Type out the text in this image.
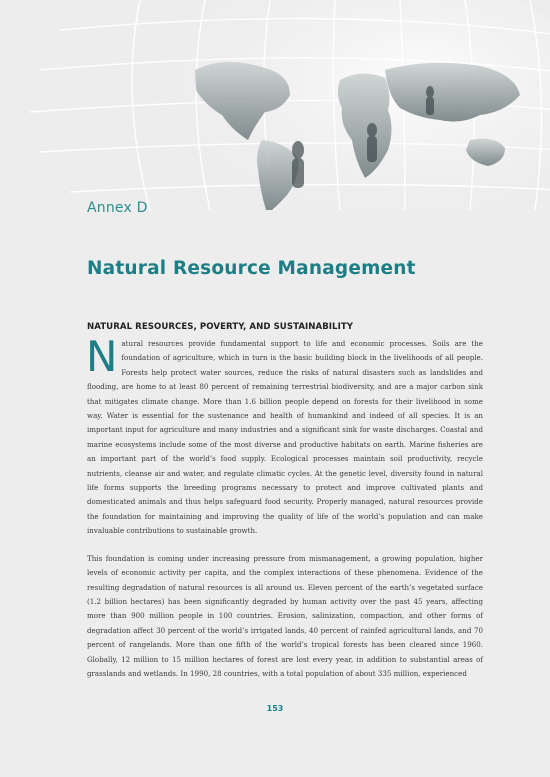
Annex D
Natural Resource Management
NATURAL RESOURCES, POVERTY, AND SUSTAINABILITY

Natural resources provide fundamental support to life and economic processes. Soils are the foundation of agriculture, which in turn is the basic building block in the livelihoods of all people. Forests help protect water sources, reduce the risks of natural disasters such as landslides and flooding, are home to at least 80 percent of remaining terrestrial biodiversity, and are a major carbon sink that mitigates climate change. More than 1.6 billion people depend on forests for their livelihood in some way. Water is essential for the sustenance and health of humankind and indeed of all species. It is an important input for agriculture and many industries and a significant sink for waste discharges. Coastal and marine ecosystems include some of the most diverse and productive habitats on earth. Marine fisheries are an important part of the world’s food supply. Ecological processes maintain soil productivity, recycle nutrients, cleanse air and water, and regulate climatic cycles. At the genetic level, diversity found in natural life forms supports the breeding programs necessary to protect and improve cultivated plants and domesticated animals and thus helps safeguard food security. Properly managed, natural resources provide the foundation for maintaining and improving the quality of life of the world’s population and can make invaluable contributions to sustainable growth.

This foundation is coming under increasing pressure from mismanagement, a growing population, higher levels of economic activity per capita, and the complex interactions of these phenomena. Evidence of the resulting degradation of natural resources is all around us. Eleven percent of the earth’s vegetated surface (1.2 billion hectares) has been significantly degraded by human activity over the past 45 years, affecting more than 900 million people in 100 countries. Erosion, salinization, compaction, and other forms of degradation affect 30 percent of the world’s irrigated lands, 40 percent of rainfed agricultural lands, and 70 percent of rangelands. More than one fifth of the world’s tropical forests has been cleared since 1960. Globally, 12 million to 15 million hectares of forest are lost every year, in addition to substantial areas of grasslands and wetlands. In 1990, 28 countries, with a total population of about 335 million, experienced

153
